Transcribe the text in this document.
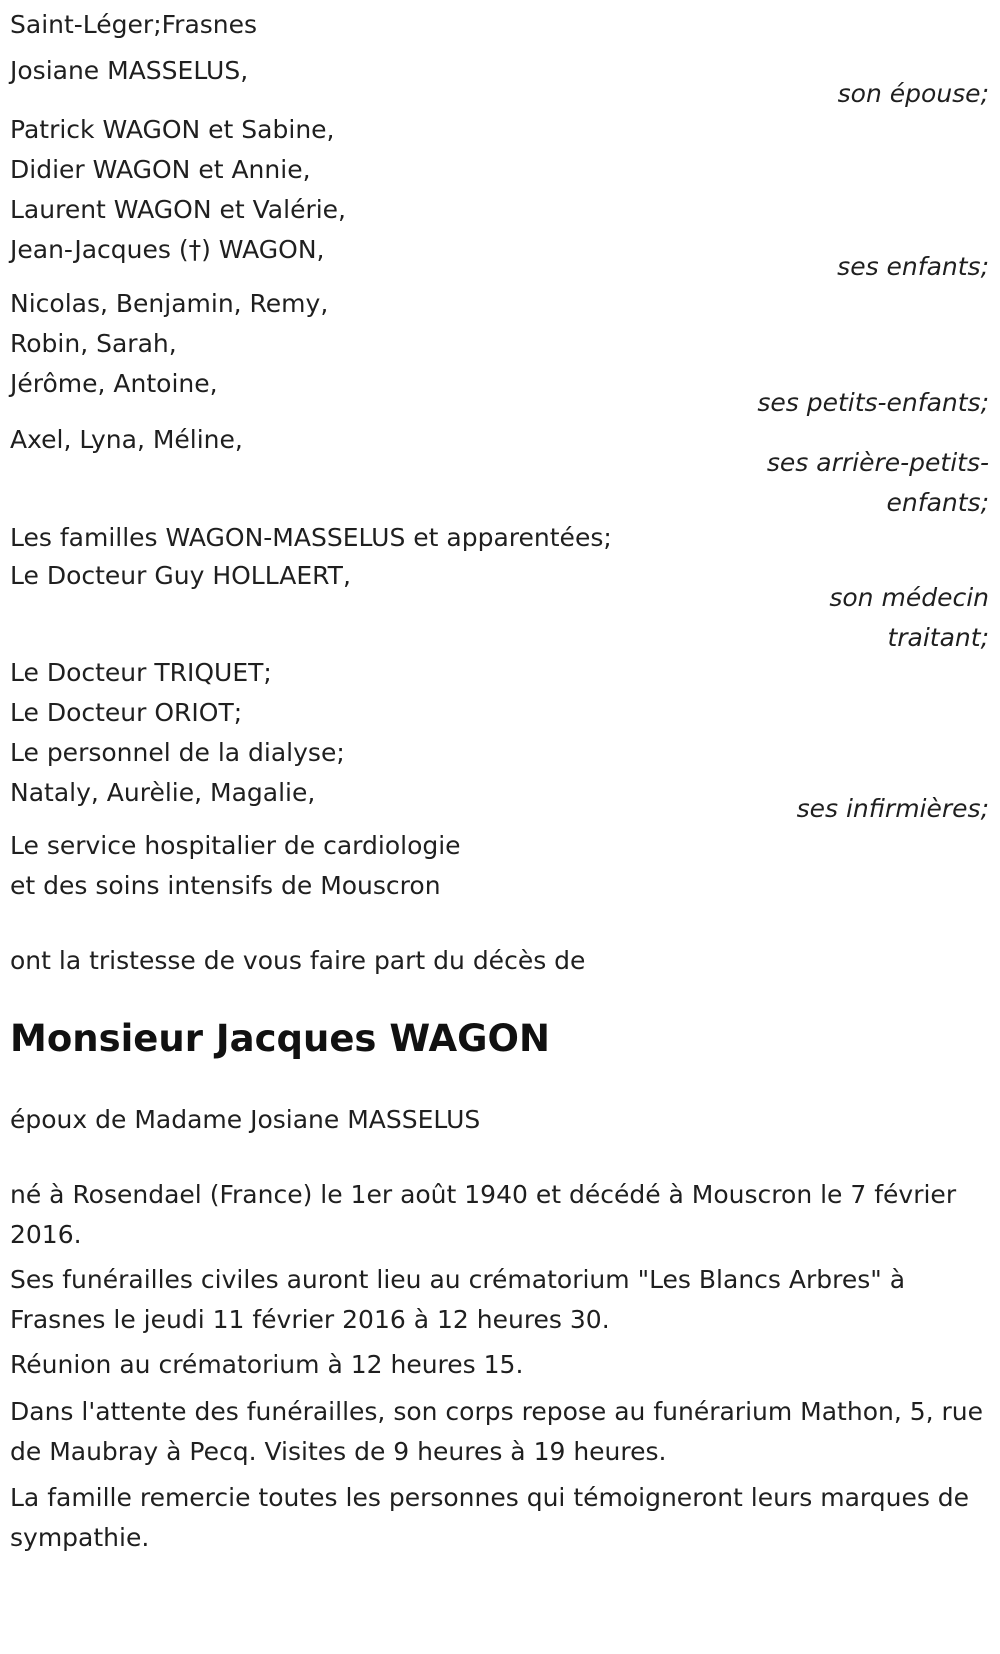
Saint-Léger;Frasnes

Josiane MASSELUS,

son épouse;

Patrick WAGON et Sabine,
Didier WAGON et Annie,
Laurent WAGON et Valérie,
Jean-Jacques (†) WAGON,

ses enfants;

Nicolas, Benjamin, Remy,
Robin, Sarah,
Jérôme, Antoine,

ses petits-enfants;

Axel, Lyna, Méline,

ses arrière-petits-
enfants;

Les familles WAGON-MASSELUS et apparentées;

Le Docteur Guy HOLLAERT,

son médecin
traitant;
Le Docteur TRIQUET;
Le Docteur ORIOT;
Le personnel de la dialyse;
Nataly, Aurèlie, Magalie,

ses infirmières;

Le service hospitalier de cardiologie
et des soins intensifs de Mouscron

ont la tristesse de vous faire part du décès de

Monsieur Jacques WAGON

époux de Madame Josiane MASSELUS

né à Rosendael (France) le 1er août 1940 et décédé à Mouscron le 7 février 2016.

Ses funérailles civiles auront lieu au crématorium "Les Blancs Arbres" à Frasnes le jeudi 11 février 2016 à 12 heures 30.

Réunion au crématorium à 12 heures 15.

Dans l'attente des funérailles, son corps repose au funérarium Mathon, 5, rue de Maubray à Pecq. Visites de 9 heures à 19 heures.

La famille remercie toutes les personnes qui témoigneront leurs marques de sympathie.
